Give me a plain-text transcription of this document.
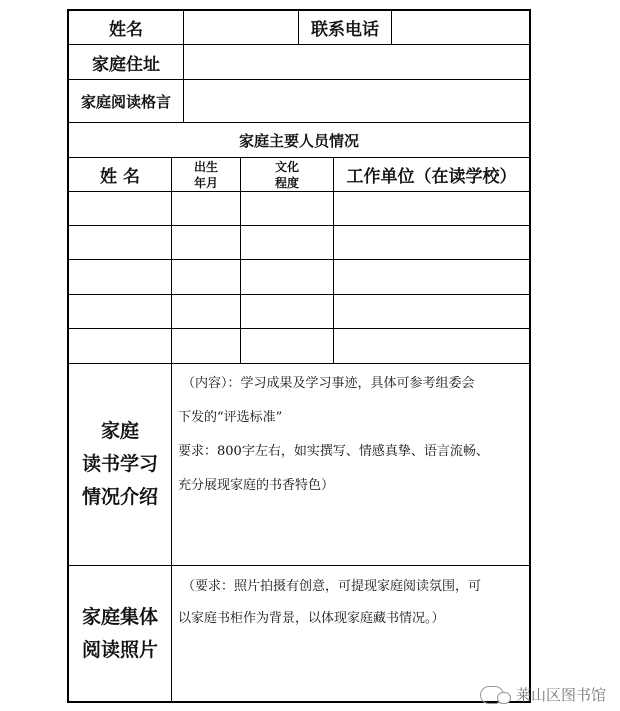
姓名	联系电话
家庭住址
家庭阅读格言
家庭主要人员情况
姓 名
出生
年月
文化
程度	工作单位（在读学校）
家庭
读书学习
情况介绍
（内容）：学习成果及学习事迹，具体可参考组委会
下发的“评选标准”
要求：800字左右，如实撰写、情感真挚、语言流畅、
充分展现家庭的书香特色）
家庭集体
阅读照片
（要求：照片拍摄有创意，可提现家庭阅读氛围，可
以家庭书柜作为背景，以体现家庭藏书情况。）
莱山区图书馆
